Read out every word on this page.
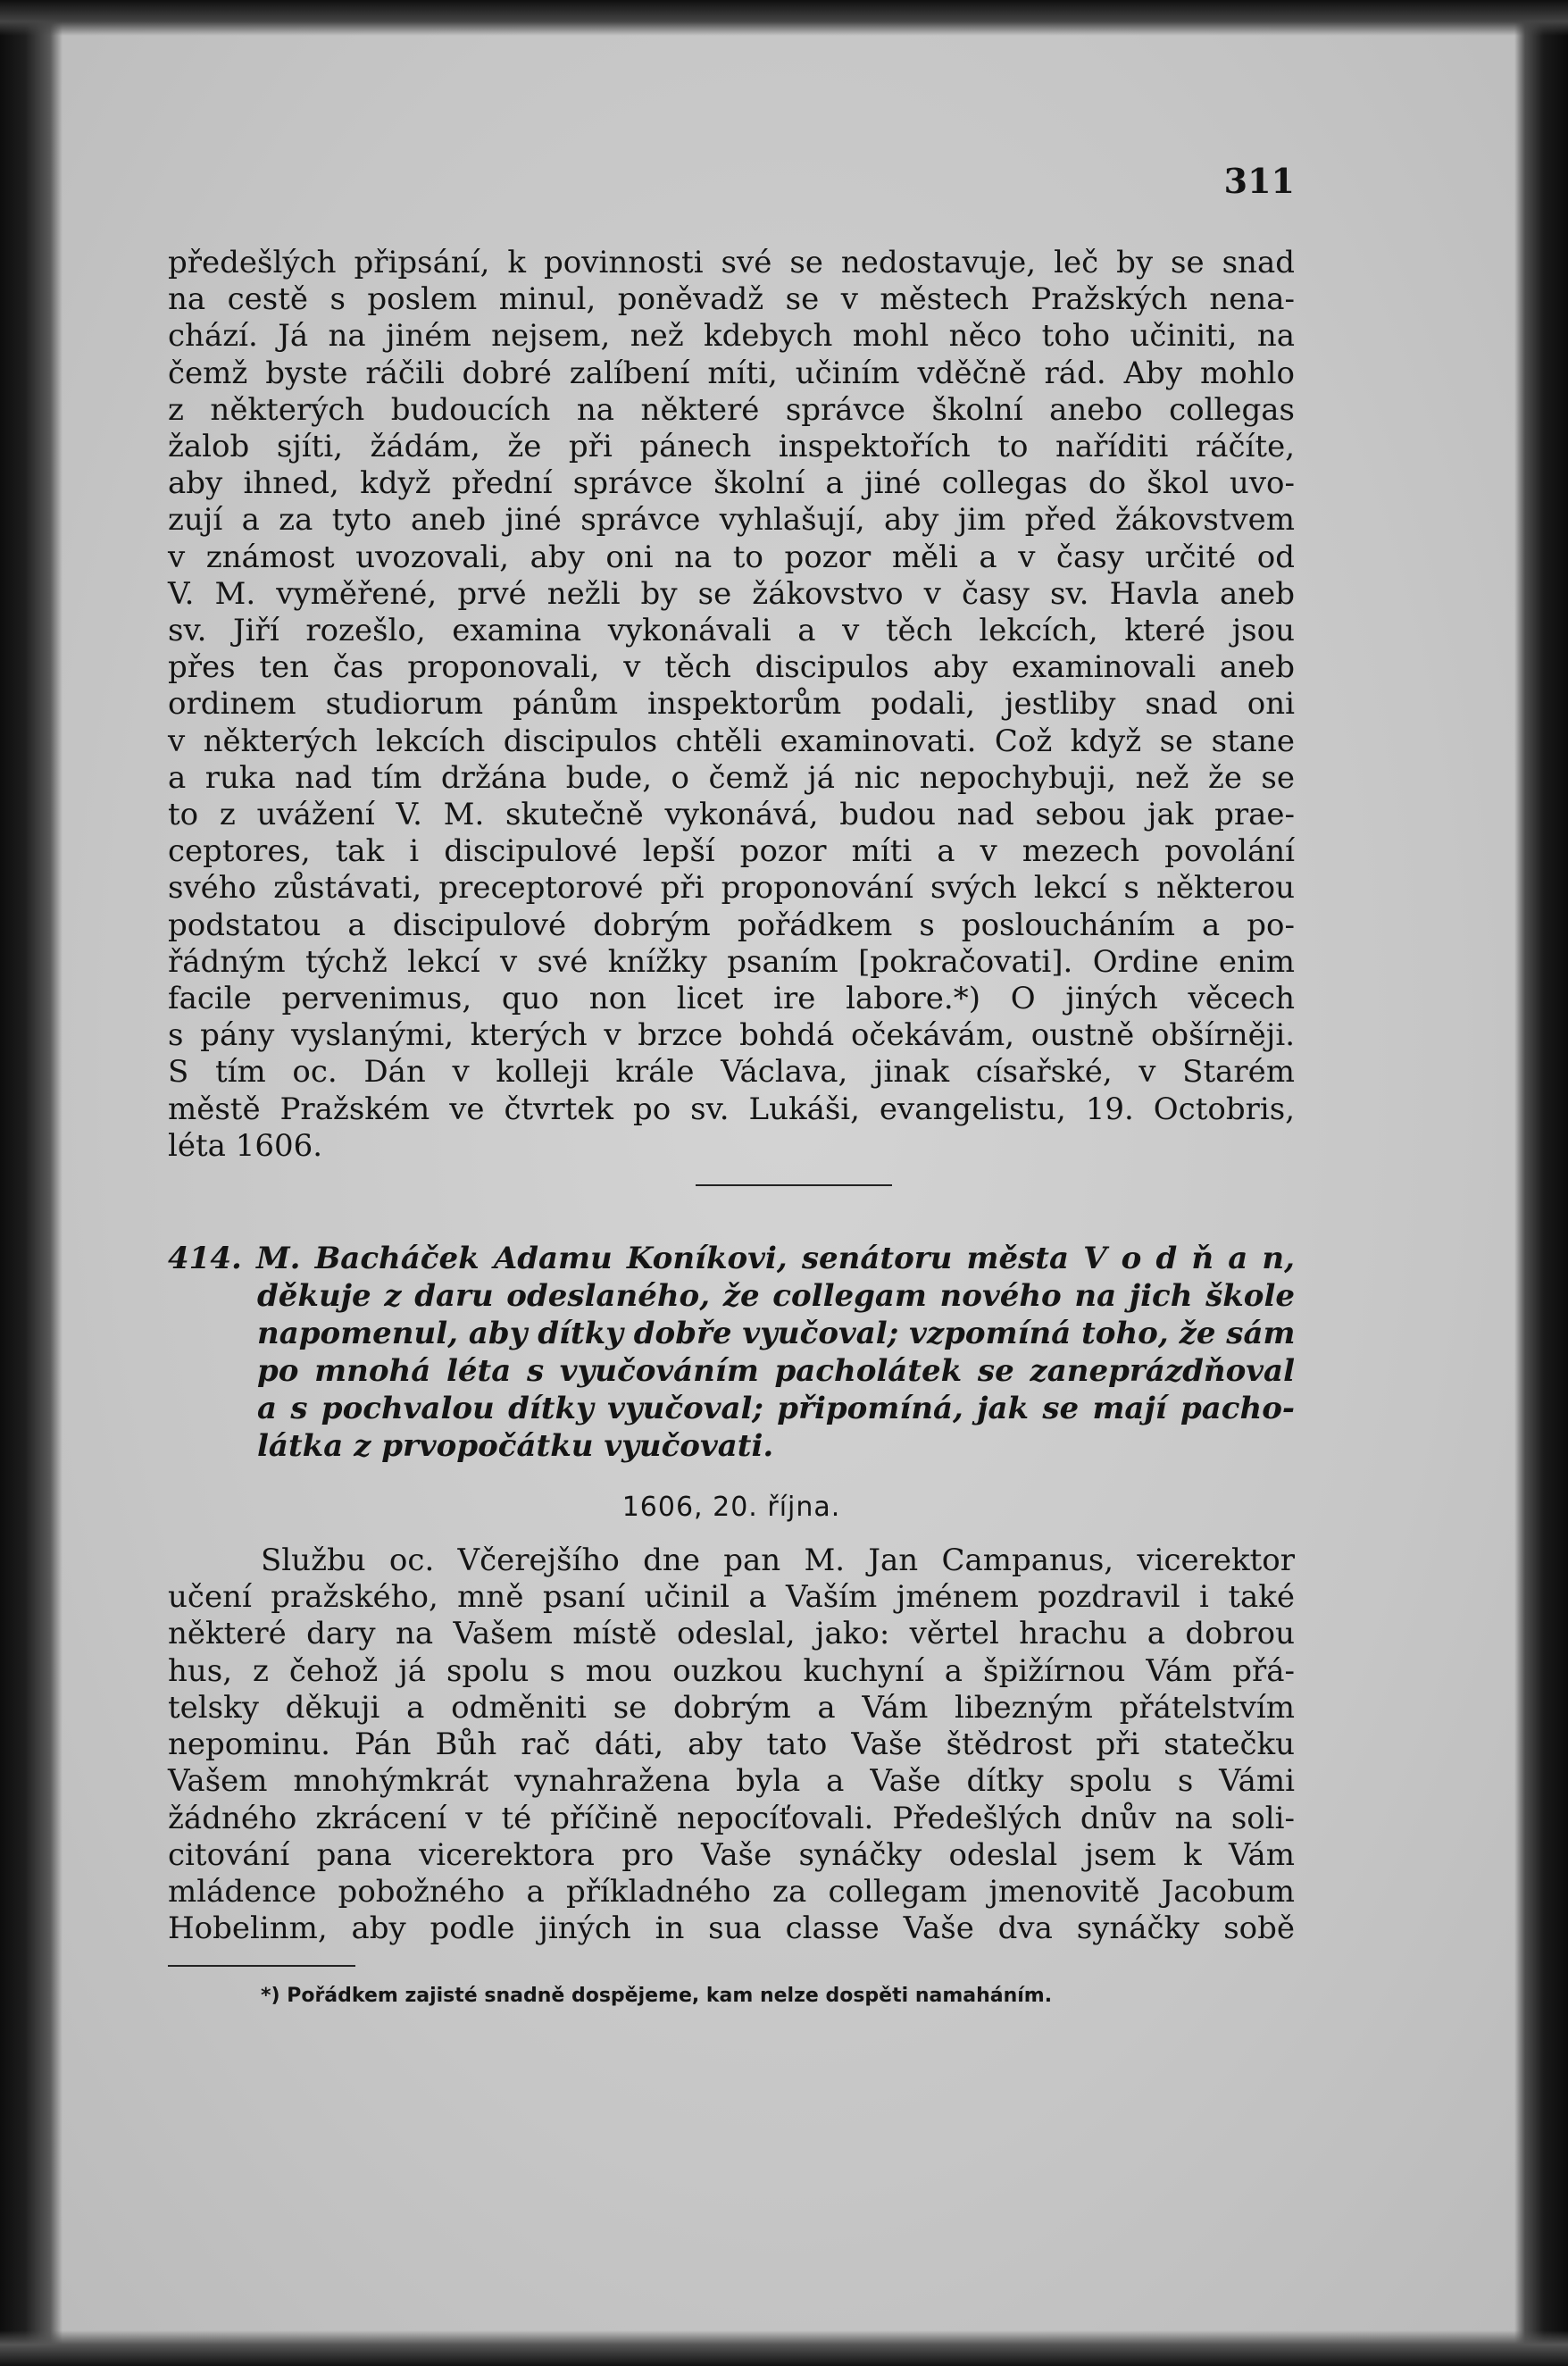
311
předešlých připsání, k povinnosti své se nedostavuje, leč by se snad
na cestě s poslem minul, poněvadž se v městech Pražských nena-
chází. Já na jiném nejsem, než kdebych mohl něco toho učiniti, na
čemž byste ráčili dobré zalíbení míti, učiním vděčně rád. Aby mohlo
z některých budoucích na některé správce školní anebo collegas
žalob sjíti, žádám, že při pánech inspektořích to naříditi ráčíte,
aby ihned, když přední správce školní a jiné collegas do škol uvo-
zují a za tyto aneb jiné správce vyhlašují, aby jim před žákovstvem
v známost uvozovali, aby oni na to pozor měli a v časy určité od
V. M. vyměřené, prvé nežli by se žákovstvo v časy sv. Havla aneb
sv. Jiří rozešlo, examina vykonávali a v těch lekcích, které jsou
přes ten čas proponovali, v těch discipulos aby examinovali aneb
ordinem studiorum pánům inspektorům podali, jestliby snad oni
v některých lekcích discipulos chtěli examinovati. Což když se stane
a ruka nad tím držána bude, o čemž já nic nepochybuji, než že se
to z uvážení V. M. skutečně vykonává, budou nad sebou jak prae-
ceptores, tak i discipulové lepší pozor míti a v mezech povolání
svého zůstávati, preceptorové při proponování svých lekcí s některou
podstatou a discipulové dobrým pořádkem s posloucháním a po-
řádným týchž lekcí v své knížky psaním [pokračovati]. Ordine enim
facile pervenimus, quo non licet ire labore.*) O jiných věcech
s pány vyslanými, kterých v brzce bohdá očekávám, oustně obšírněji.
S tím oc. Dán v kolleji krále Václava, jinak císařské, v Starém
městě Pražském ve čtvrtek po sv. Lukáši, evangelistu, 19. Octobris,
léta 1606.
414. M. Bacháček Adamu Koníkovi, senátoru města V o d ň a n,
děkuje z daru odeslaného, že collegam nového na jich škole
napomenul, aby dítky dobře vyučoval; vzpomíná toho, že sám
po mnohá léta s vyučováním pacholátek se zaneprázdňoval
a s pochvalou dítky vyučoval; připomíná, jak se mají pacho-
látka z prvopočátku vyučovati.
1606, 20. října.
Službu oc. Včerejšího dne pan M. Jan Campanus, vicerektor
učení pražského, mně psaní učinil a Vaším jménem pozdravil i také
některé dary na Vašem místě odeslal, jako: věrtel hrachu a dobrou
hus, z čehož já spolu s mou ouzkou kuchyní a špižírnou Vám přá-
telsky děkuji a odměniti se dobrým a Vám libezným přátelstvím
nepominu. Pán Bůh rač dáti, aby tato Vaše štědrost při statečku
Vašem mnohýmkrát vynahražena byla a Vaše dítky spolu s Vámi
žádného zkrácení v té příčině nepocíťovali. Předešlých dnův na soli-
citování pana vicerektora pro Vaše synáčky odeslal jsem k Vám
mládence pobožného a příkladného za collegam jmenovitě Jacobum
Hobelinm, aby podle jiných in sua classe Vaše dva synáčky sobě
*) Pořádkem zajisté snadně dospějeme, kam nelze dospěti namaháním.
